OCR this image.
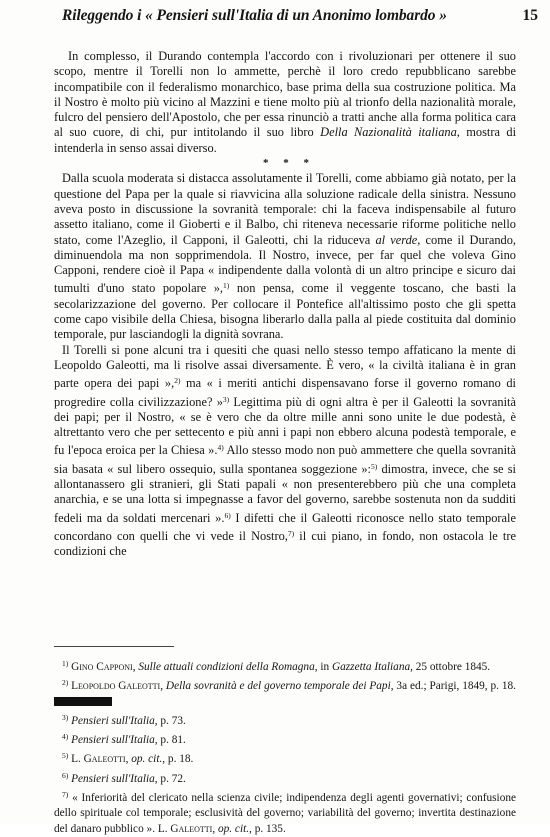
Rileggendo i « Pensieri sull'Italia di un Anonimo lombardo »	15

In complesso, il Durando contempla l'accordo con i rivoluzionari per ottenere il suo scopo, mentre il Torelli non lo ammette, perchè il loro credo repubblicano sarebbe incompatibile con il federalismo monarchico, base prima della sua costruzione politica. Ma il Nostro è molto più vicino al Mazzini e tiene molto più al trionfo della nazionalità morale, fulcro del pensiero dell'Apostolo, che per essa rinunciò a tratti anche alla forma politica cara al suo cuore, di chi, pur intitolando il suo libro Della Nazionalità italiana, mostra di intenderla in senso assai diverso.

* * *

Dalla scuola moderata si distacca assolutamente il Torelli, come abbiamo già notato, per la questione del Papa per la quale si riavvicina alla soluzione radicale della sinistra. Nessuno aveva posto in discussione la sovranità temporale: chi la faceva indispensabile al futuro assetto italiano, come il Gioberti e il Balbo, chi riteneva necessarie riforme politiche nello stato, come l'Azeglio, il Capponi, il Galeotti, chi la riduceva al verde, come il Durando, diminuendola ma non sopprimendola. Il Nostro, invece, per far quel che voleva Gino Capponi, rendere cioè il Papa « indipendente dalla volontà di un altro principe e sicuro dai tumulti d'uno stato popolare »,$^{1)}$ non pensa, come il veggente toscano, che basti la secolarizzazione del governo. Per collocare il Pontefice all'altissimo posto che gli spetta come capo visibile della Chiesa, bisogna liberarlo dalla palla al piede costituita dal dominio temporale, pur lasciandogli la dignità sovrana.

Il Torelli si pone alcuni tra i quesiti che quasi nello stesso tempo affaticano la mente di Leopoldo Galeotti, ma li risolve assai diversamente. È vero, « la civiltà italiana è in gran parte opera dei papi »,$^{2)}$ ma « i meriti antichi dispensavano forse il governo romano di progredire colla civilizzazione? »$^{3)}$ Legittima più di ogni altra è per il Galeotti la sovranità dei papi; per il Nostro, « se è vero che da oltre mille anni sono unite le due podestà, è altrettanto vero che per settecento e più anni i papi non ebbero alcuna podestà temporale, e fu l'epoca eroica per la Chiesa ».$^{4)}$ Allo stesso modo non può ammettere che quella sovranità sia basata « sul libero ossequio, sulla spontanea soggezione »:$^{5)}$ dimostra, invece, che se si allontanassero gli stranieri, gli Stati papali « non presenterebbero più che una completa anarchia, e se una lotta si impegnasse a favor del governo, sarebbe sostenuta non da sudditi fedeli ma da soldati mercenari ».$^{6)}$ I difetti che il Galeotti riconosce nello stato temporale concordano con quelli che vi vede il Nostro,$^{7)}$ il cui piano, in fondo, non ostacola le tre condizioni che

$^{1)}$ Gino Capponi, Sulle attuali condizioni della Romagna, in Gazzetta Italiana, 25 ottobre 1845.

$^{2)}$ Leopoldo Galeotti, Della sovranità e del governo temporale dei Papi, 3a ed.; Parigi, 1849, p. 18.

$^{3)}$ Pensieri sull'Italia, p. 73.

$^{4)}$ Pensieri sull'Italia, p. 81.

$^{5)}$ L. Galeotti, op. cit., p. 18.

$^{6)}$ Pensieri sull'Italia, p. 72.

$^{7)}$ « Inferiorità del clericato nella scienza civile; indipendenza degli agenti governativi; confusione dello spirituale col temporale; esclusività del governo; variabilità del governo; invertita destinazione del danaro pubblico ». L. Galeotti, op. cit., p. 135.
